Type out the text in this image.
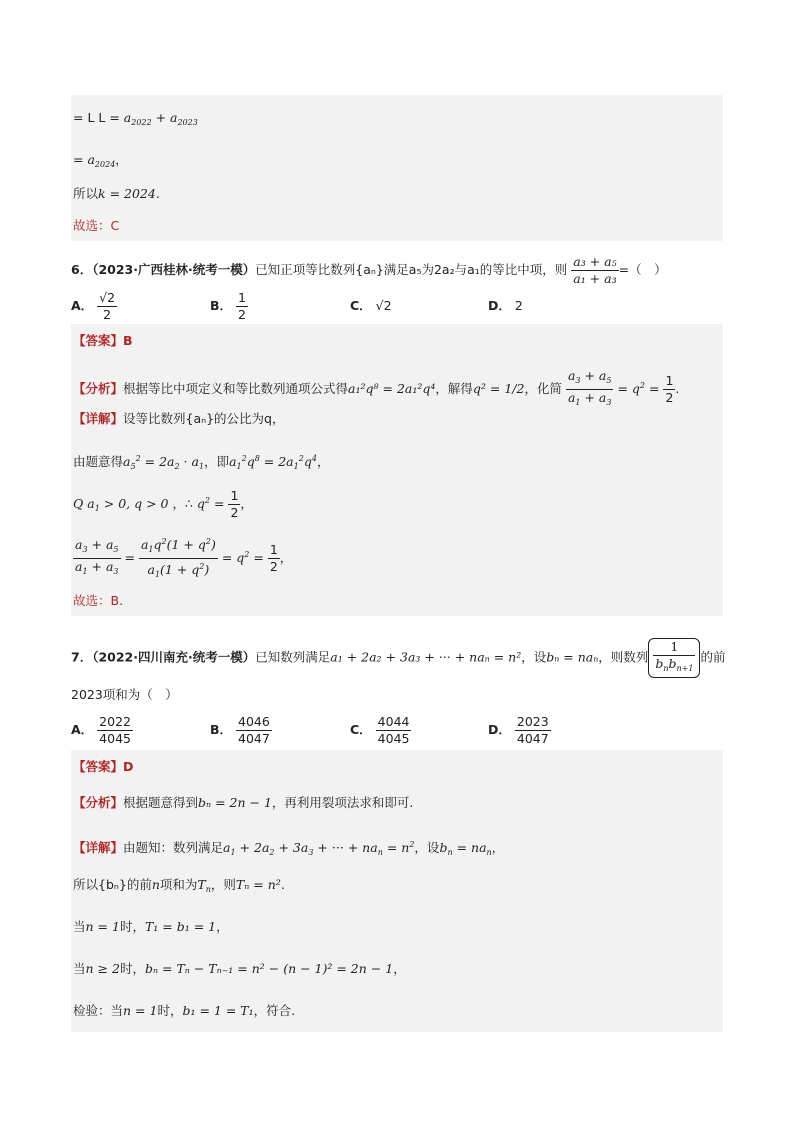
= L $L = a_{2022} + a_{2023}$
= $a_{2024}$，
所以k = 2024.
故选：C
6．（2023·广西桂林·统考一模）已知正项等比数列{aₙ}满足a₅为2a₂与a₁的等比中项，则 $\frac{\text{a₃ + a₅}}{\text{a₁ + a₃}}$ =（　）
A． $\frac{√2}{2}$	B． $\frac{1}{2}$	C． √2	D． 2
【答案】B
【分析】根据等比中项定义和等比数列通项公式得a₁²q⁸ = 2a₁²q⁴，解得q² = 1/2，化简 $\frac{a_3 + a_5}{a_1 + a_3} = q^2 = \frac{1}{2}$ .
【详解】设等比数列{aₙ}的公比为q，
由题意得$a_5^2 = 2a_2 \cdot a_1$，即$a_1^2q^8 = 2a_1^2q^4$，
Q $a_1 > 0$, q > 0 ，∴ $q^2 = \frac{1}{2}$ ，
$\frac{a_3 + a_5}{a_1 + a_3} = \frac{a_1q^2(1 + q^2)}{a_1(1 + q^2)} = q^2 = \frac{1}{2}$ ，
故选：B.
7．（2022·四川南充·统考一模）已知数列满足a₁ + 2a₂ + 3a₃ + ··· + naₙ = n²，设bₙ = naₙ，则数列 $\frac{1}{b_nb_{n+1}}$ 的前
2023项和为（　）
A． $\frac{2022}{4045}$	B． $\frac{4046}{4047}$	C． $\frac{4044}{4045}$	D． $\frac{2023}{4047}$
【答案】D
【分析】根据题意得到bₙ = 2n − 1，再利用裂项法求和即可.
【详解】由题知：数列满足$a_1 + 2a_2 + 3a_3$ + ··· + $na_n = n^2$，设$b_n = na_n$，
所以{bₙ}的前n项和为$T_n$，则Tₙ = n².
当n = 1时，T₁ = b₁ = 1，
当n ≥ 2时，bₙ = Tₙ − Tₙ₋₁ = n² − (n − 1)² = 2n − 1，
检验：当n = 1时，b₁ = 1 = T₁，符合.
